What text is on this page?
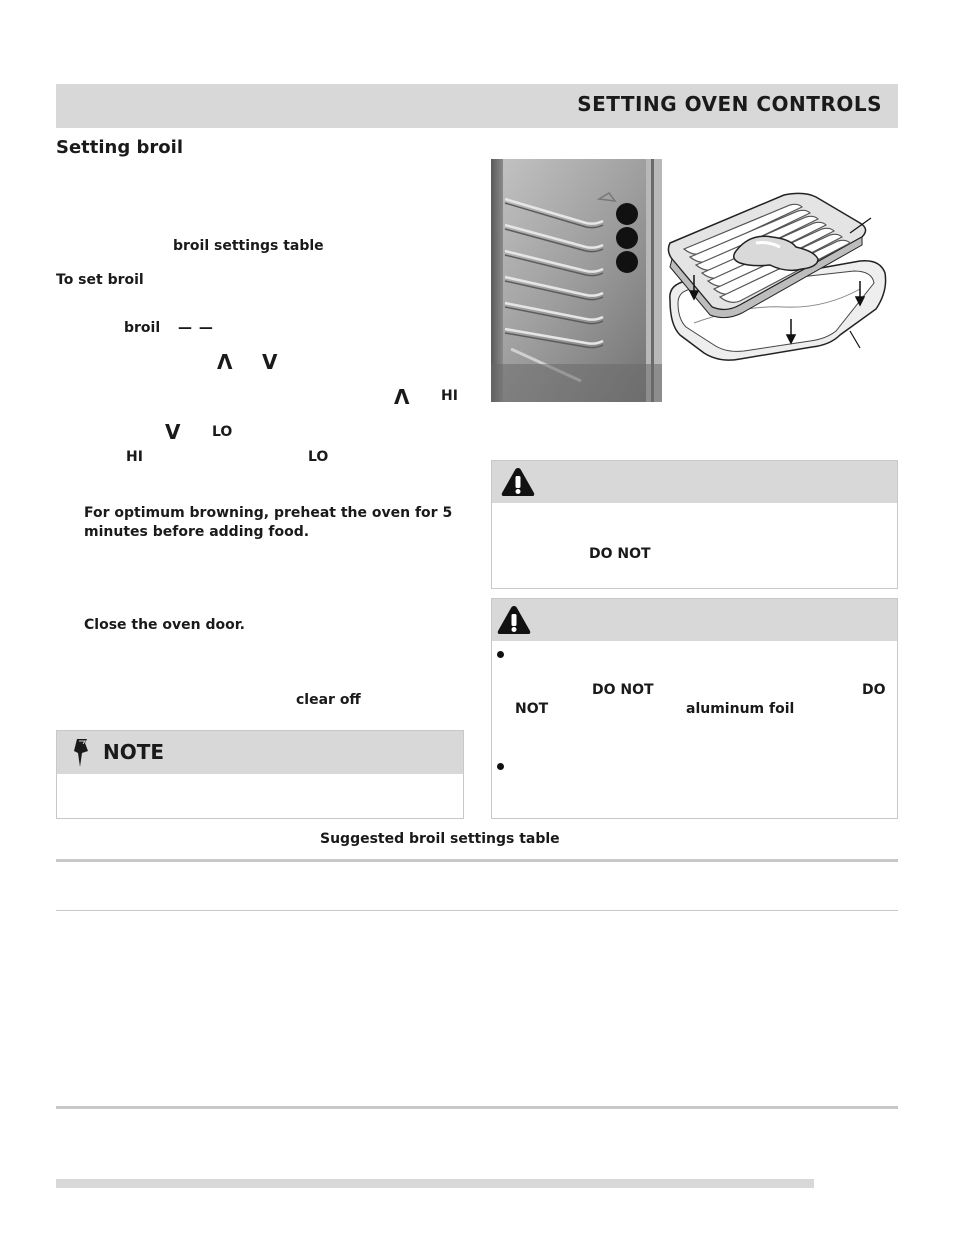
SETTING OVEN CONTROLS
Setting broil
broil settings table
To set broil
broil — —
Λ V
Λ HI
V LO
HI	LO
For optimum browning, preheat the oven for 5 minutes before adding food.
Close the oven door.
clear off
NOTE
DO NOT
DO NOT	DO
NOT	aluminum foil
Suggested broil settings table
